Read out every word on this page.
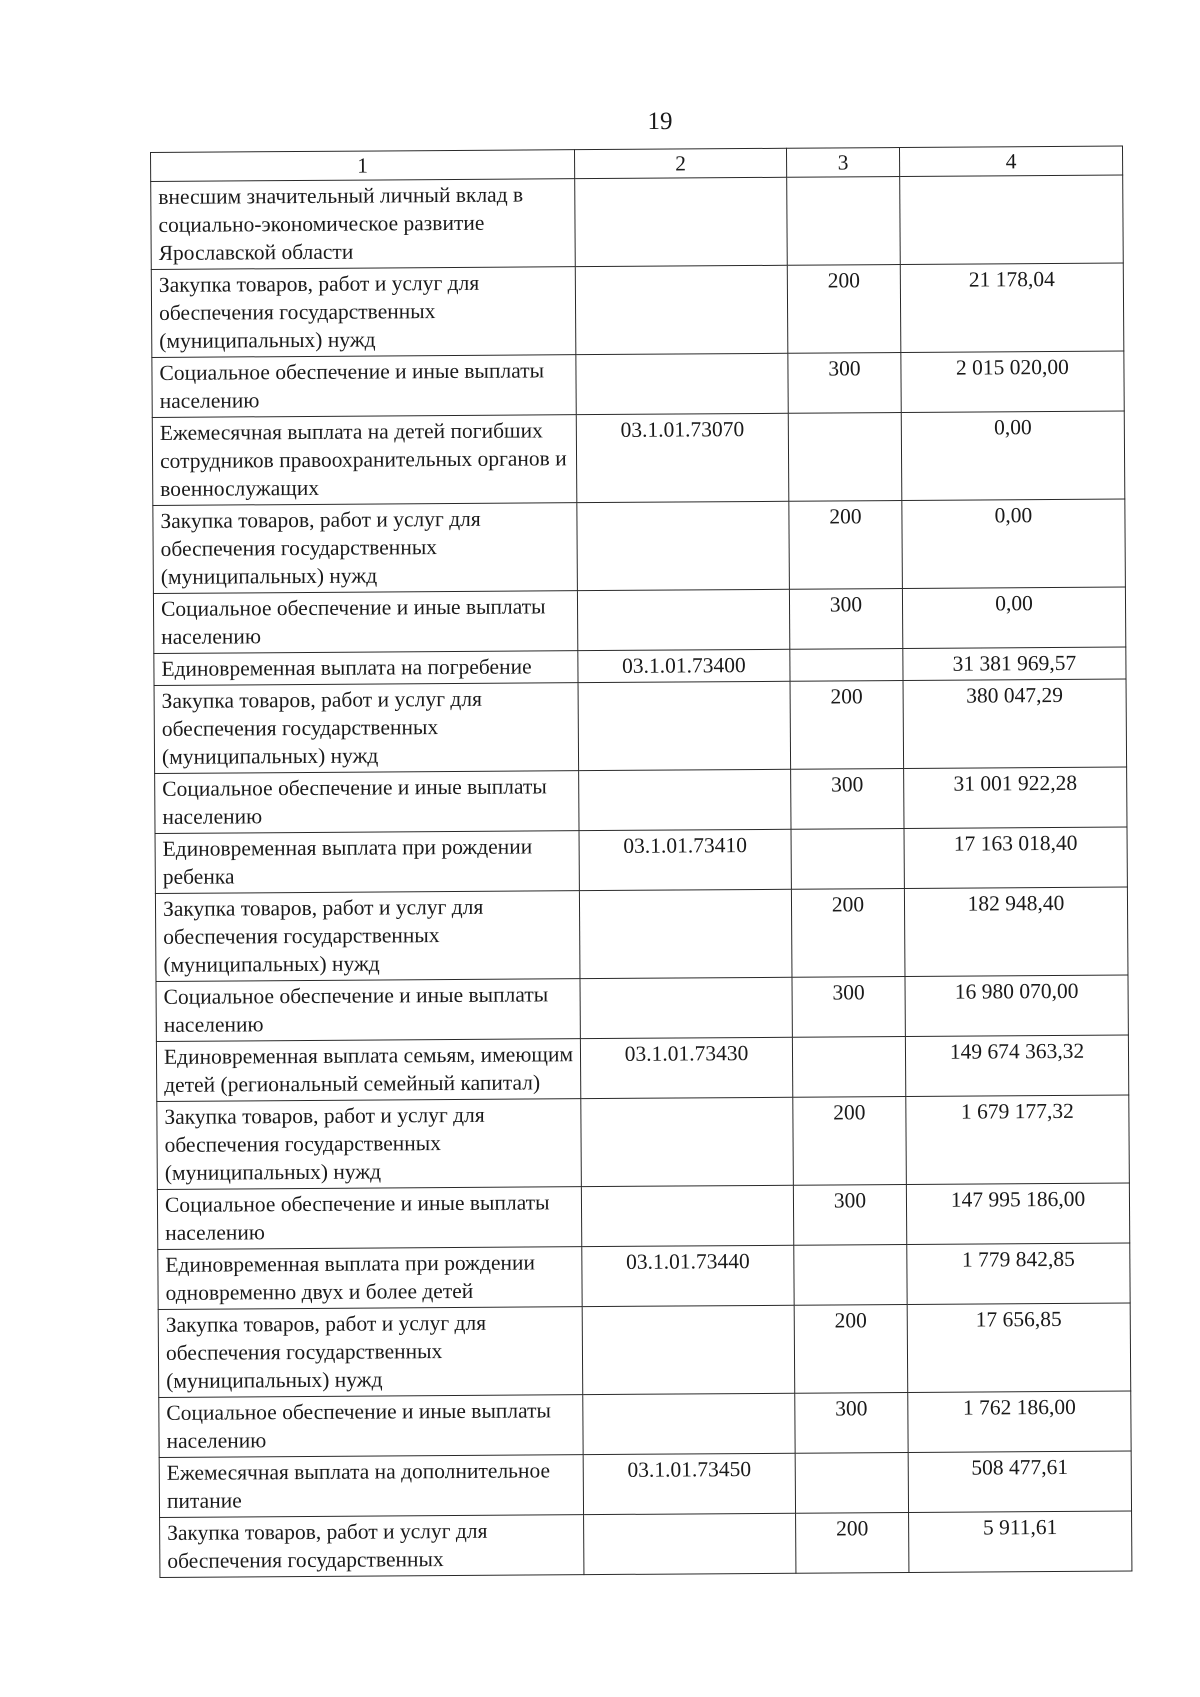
19
1	2	3	4
внесшим значительный личный вклад в социально-экономическое развитие Ярославской области			
Закупка товаров, работ и услуг для обеспечения государственных (муниципальных) нужд		200	21 178,04
Социальное обеспечение и иные выплаты населению		300	2 015 020,00
Ежемесячная выплата на детей погибших сотрудников правоохранительных органов и военнослужащих	03.1.01.73070		0,00
Закупка товаров, работ и услуг для обеспечения государственных (муниципальных) нужд		200	0,00
Социальное обеспечение и иные выплаты населению		300	0,00
Единовременная выплата на погребение	03.1.01.73400		31 381 969,57
Закупка товаров, работ и услуг для обеспечения государственных (муниципальных) нужд		200	380 047,29
Социальное обеспечение и иные выплаты населению		300	31 001 922,28
Единовременная выплата при рождении ребенка	03.1.01.73410		17 163 018,40
Закупка товаров, работ и услуг для обеспечения государственных (муниципальных) нужд		200	182 948,40
Социальное обеспечение и иные выплаты населению		300	16 980 070,00
Единовременная выплата семьям, имеющим детей (региональный семейный капитал)	03.1.01.73430		149 674 363,32
Закупка товаров, работ и услуг для обеспечения государственных (муниципальных) нужд		200	1 679 177,32
Социальное обеспечение и иные выплаты населению		300	147 995 186,00
Единовременная выплата при рождении одновременно двух и более детей	03.1.01.73440		1 779 842,85
Закупка товаров, работ и услуг для обеспечения государственных (муниципальных) нужд		200	17 656,85
Социальное обеспечение и иные выплаты населению		300	1 762 186,00
Ежемесячная выплата на дополнительное питание	03.1.01.73450		508 477,61
Закупка товаров, работ и услуг для обеспечения государственных		200	5 911,61
